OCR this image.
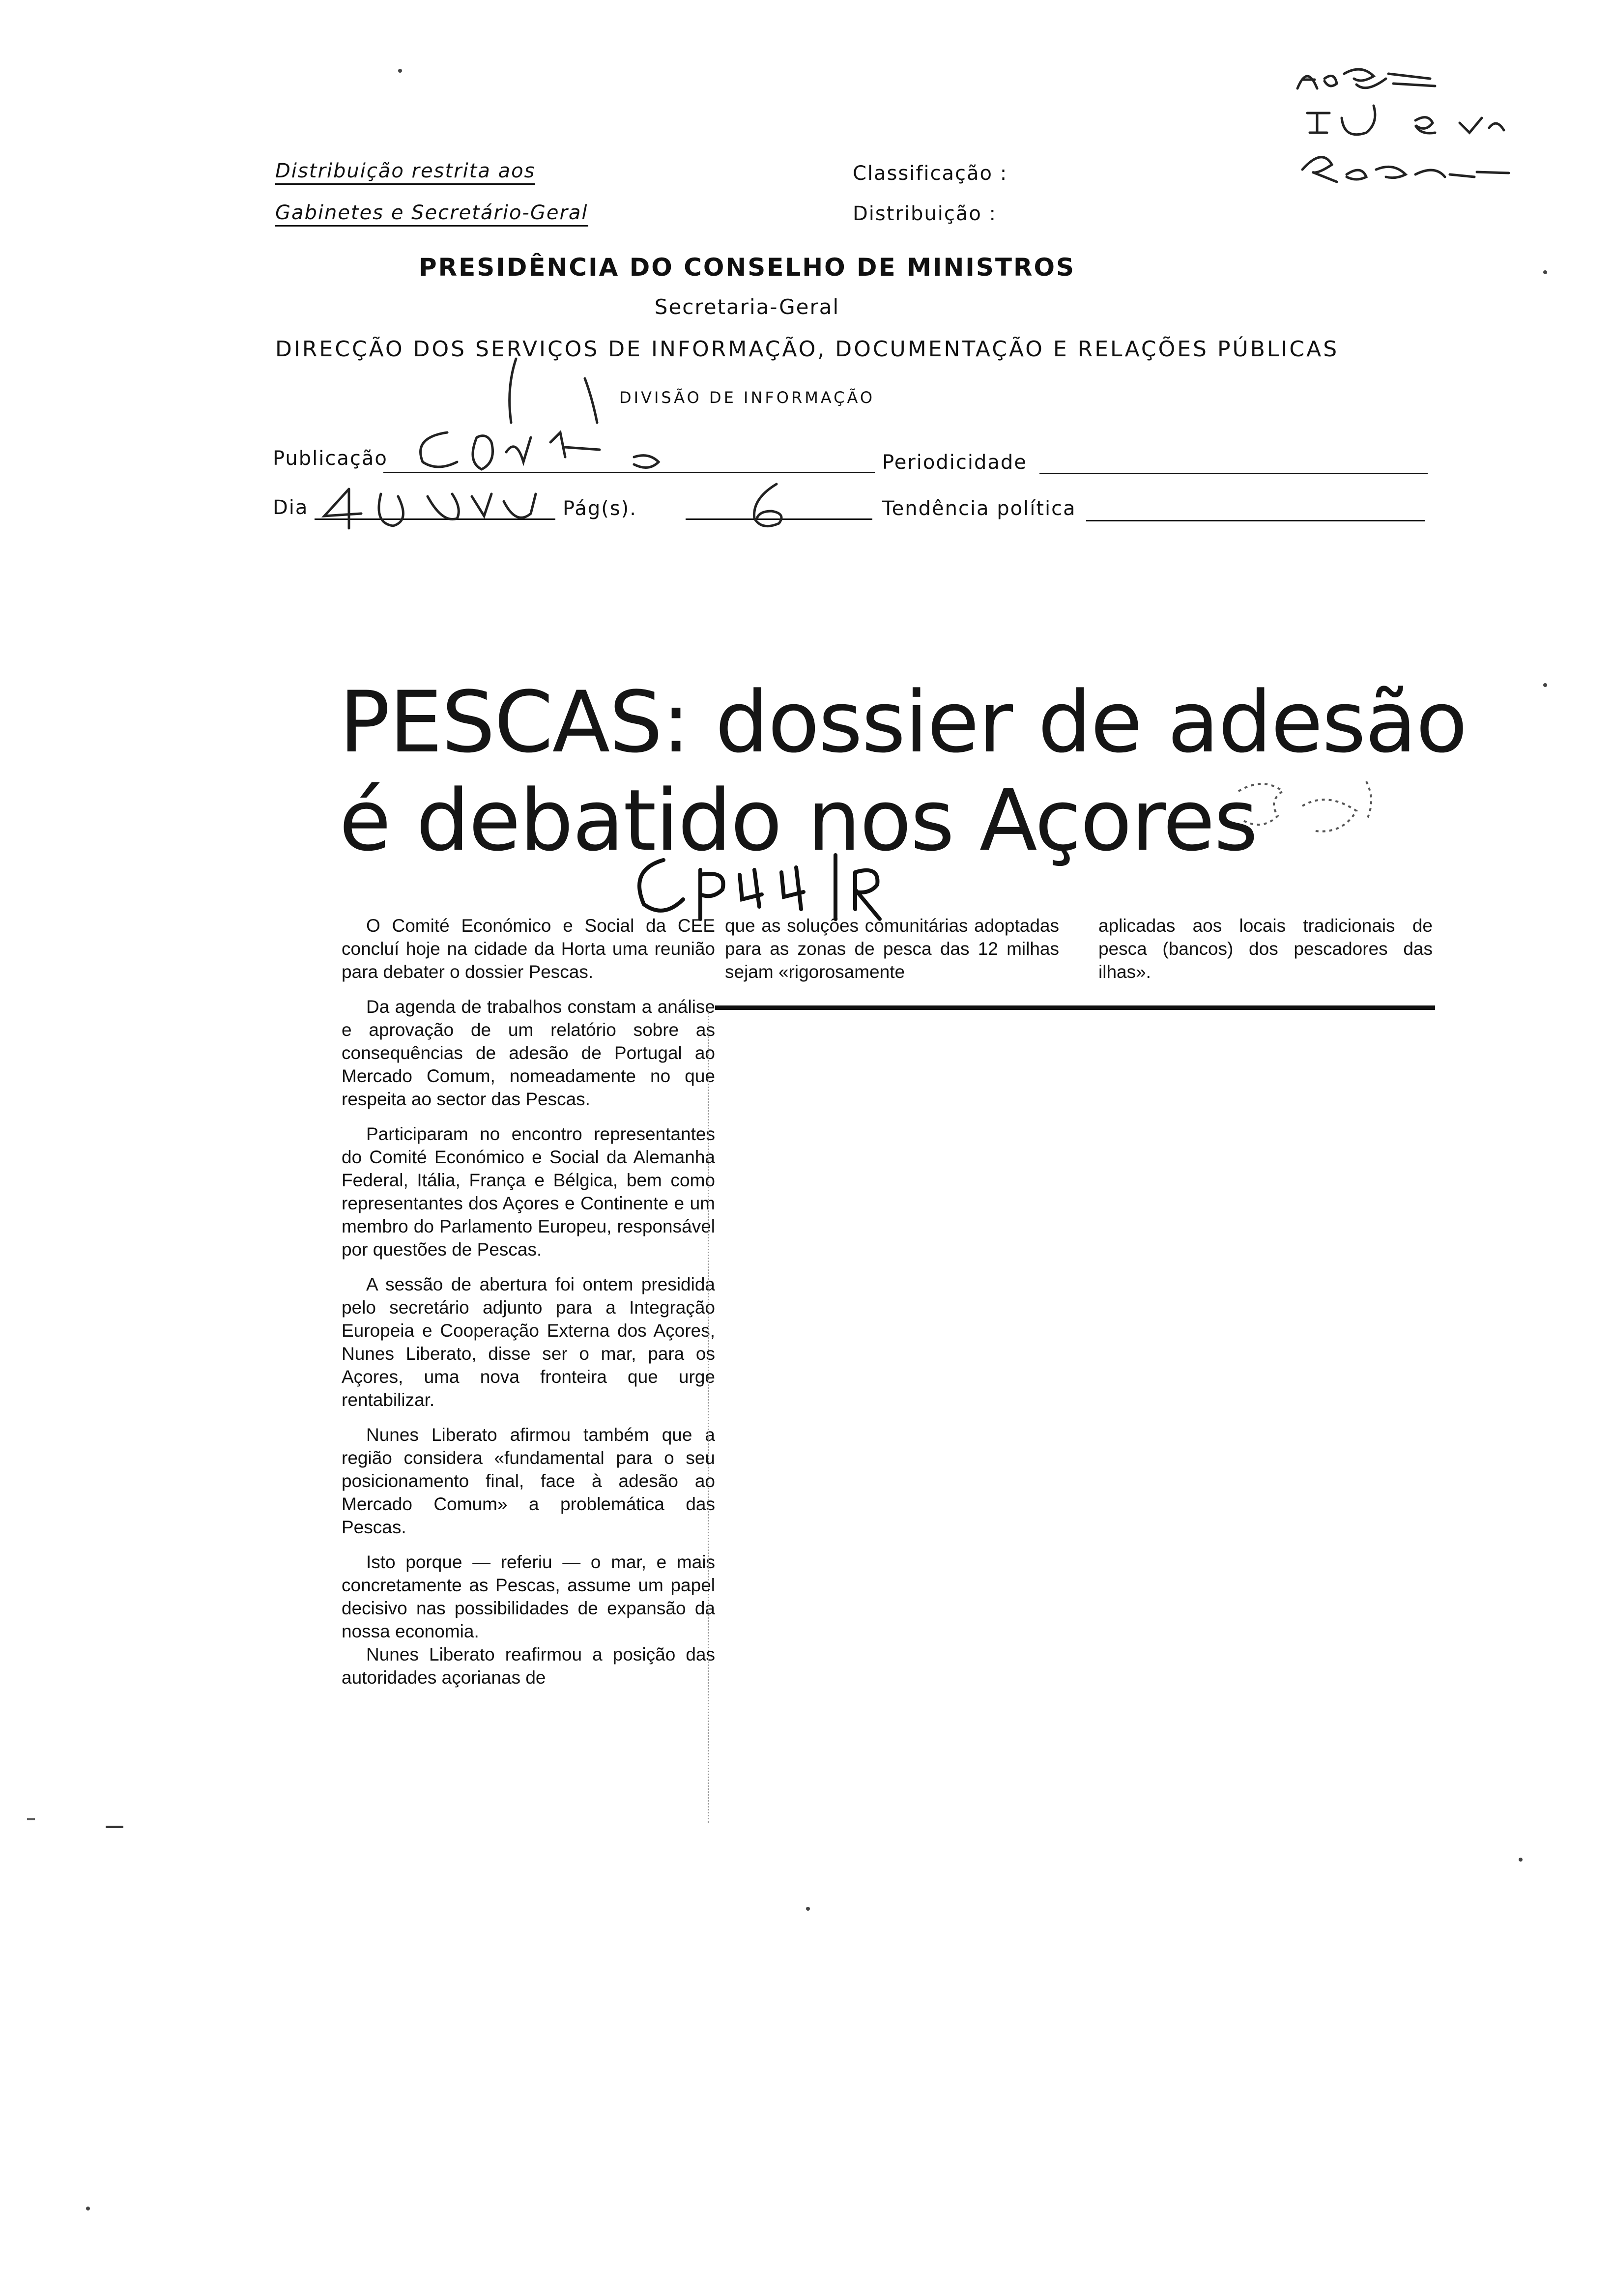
Distribuição restrita aos
Gabinetes e Secretário-Geral
Classificação :
Distribuição :
PRESIDÊNCIA DO CONSELHO DE MINISTROS
Secretaria-Geral
DIRECÇÃO DOS SERVIÇOS DE INFORMAÇÃO, DOCUMENTAÇÃO E RELAÇÕES PÚBLICAS
DIVISÃO DE INFORMAÇÃO
Publicação	Periodicidade
Dia	Pág(s).	Tendência política
PESCAS: dossier de adesão
é debatido nos Açores

O Comité Económico e Social da CEE concluí hoje na cidade da Horta uma reunião para debater o dossier Pescas.

Da agenda de trabalhos constam a análise e aprovação de um relatório sobre as consequências de adesão de Portugal ao Mercado Comum, nomeadamente no que respeita ao sector das Pescas.

Participaram no encontro representantes do Comité Económico e Social da Alemanha Federal, Itália, França e Bélgica, bem como representantes dos Açores e Continente e um membro do Parlamento Europeu, responsável por questões de Pescas.

A sessão de abertura foi ontem presidida pelo secretário adjunto para a Integração Europeia e Cooperação Externa dos Açores, Nunes Liberato, disse ser o mar, para os Açores, uma nova fronteira que urge rentabilizar.

Nunes Liberato afirmou também que a região considera «fundamental para o seu posicionamento final, face à adesão ao Mercado Comum» a problemática das Pescas.

Isto porque — referiu — o mar, e mais concretamente as Pescas, assume um papel decisivo nas possibilidades de expansão da nossa economia.

Nunes Liberato reafirmou a posição das autoridades açorianas de

que as soluções comunitárias adoptadas para as zonas de pesca das 12 milhas sejam «rigorosamente

aplicadas aos locais tradicionais de pesca (bancos) dos pescadores das ilhas».
